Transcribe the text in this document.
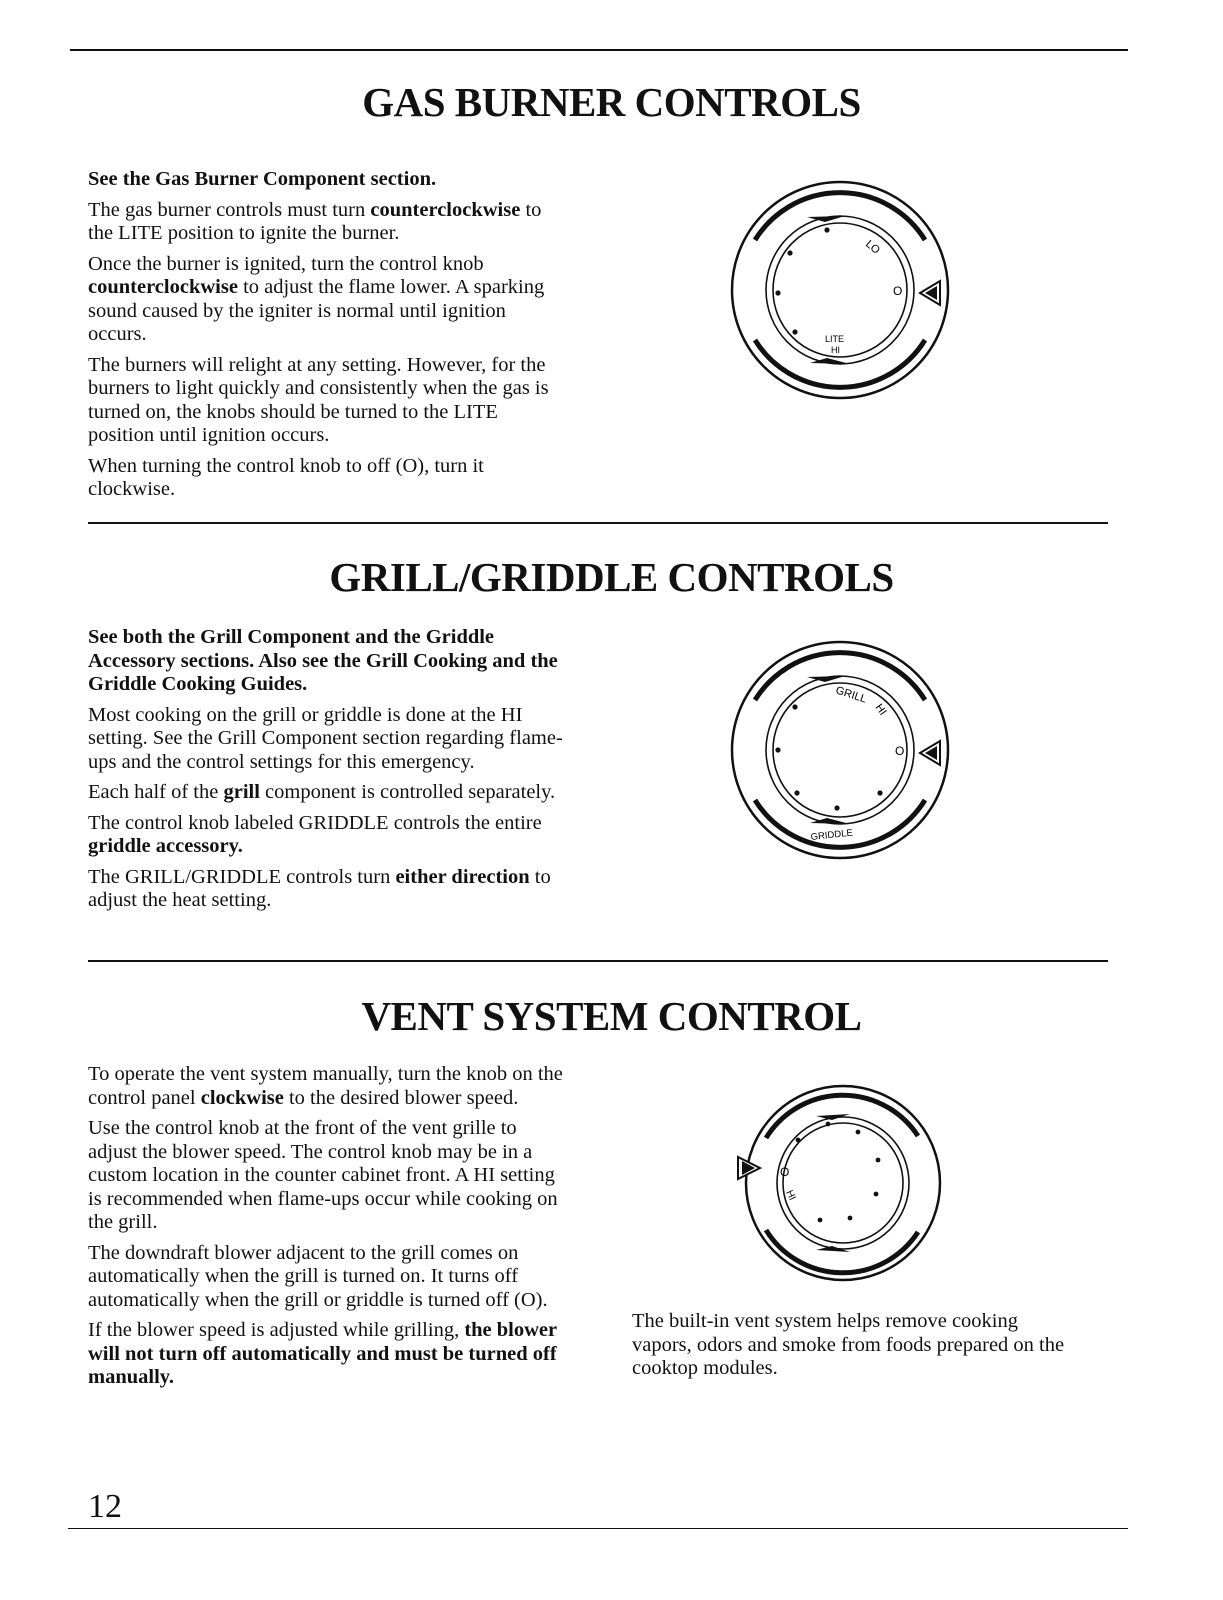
GAS BURNER CONTROLS

See the Gas Burner Component section.

The gas burner controls must turn counterclockwise to the LITE position to ignite the burner.

Once the burner is ignited, turn the control knob counterclockwise to adjust the flame lower. A sparking sound caused by the igniter is normal until ignition occurs.

The burners will relight at any setting. However, for the burners to light quickly and consistently when the gas is turned on, the knobs should be turned to the LITE position until ignition occurs.

When turning the control knob to off (O), turn it clockwise.

LO
O
LITE
HI
GRILL/GRIDDLE CONTROLS

See both the Grill Component and the Griddle Accessory sections. Also see the Grill Cooking and the Griddle Cooking Guides.

Most cooking on the grill or griddle is done at the HI setting. See the Grill Component section regarding flame-ups and the control settings for this emergency.

Each half of the grill component is controlled separately.

The control knob labeled GRIDDLE controls the entire griddle accessory.

The GRILL/GRIDDLE controls turn either direction to adjust the heat setting.

GRILL
HI
O
GRIDDLE
VENT SYSTEM CONTROL

To operate the vent system manually, turn the knob on the control panel clockwise to the desired blower speed.

Use the control knob at the front of the vent grille to adjust the blower speed. The control knob may be in a custom location in the counter cabinet front. A HI setting is recommended when flame-ups occur while cooking on the grill.

The downdraft blower adjacent to the grill comes on automatically when the grill is turned on. It turns off automatically when the grill or griddle is turned off (O).

If the blower speed is adjusted while grilling, the blower will not turn off automatically and must be turned off manually.

O
HI
The built-in vent system helps remove cooking vapors, odors and smoke from foods prepared on the cooktop modules.
12
